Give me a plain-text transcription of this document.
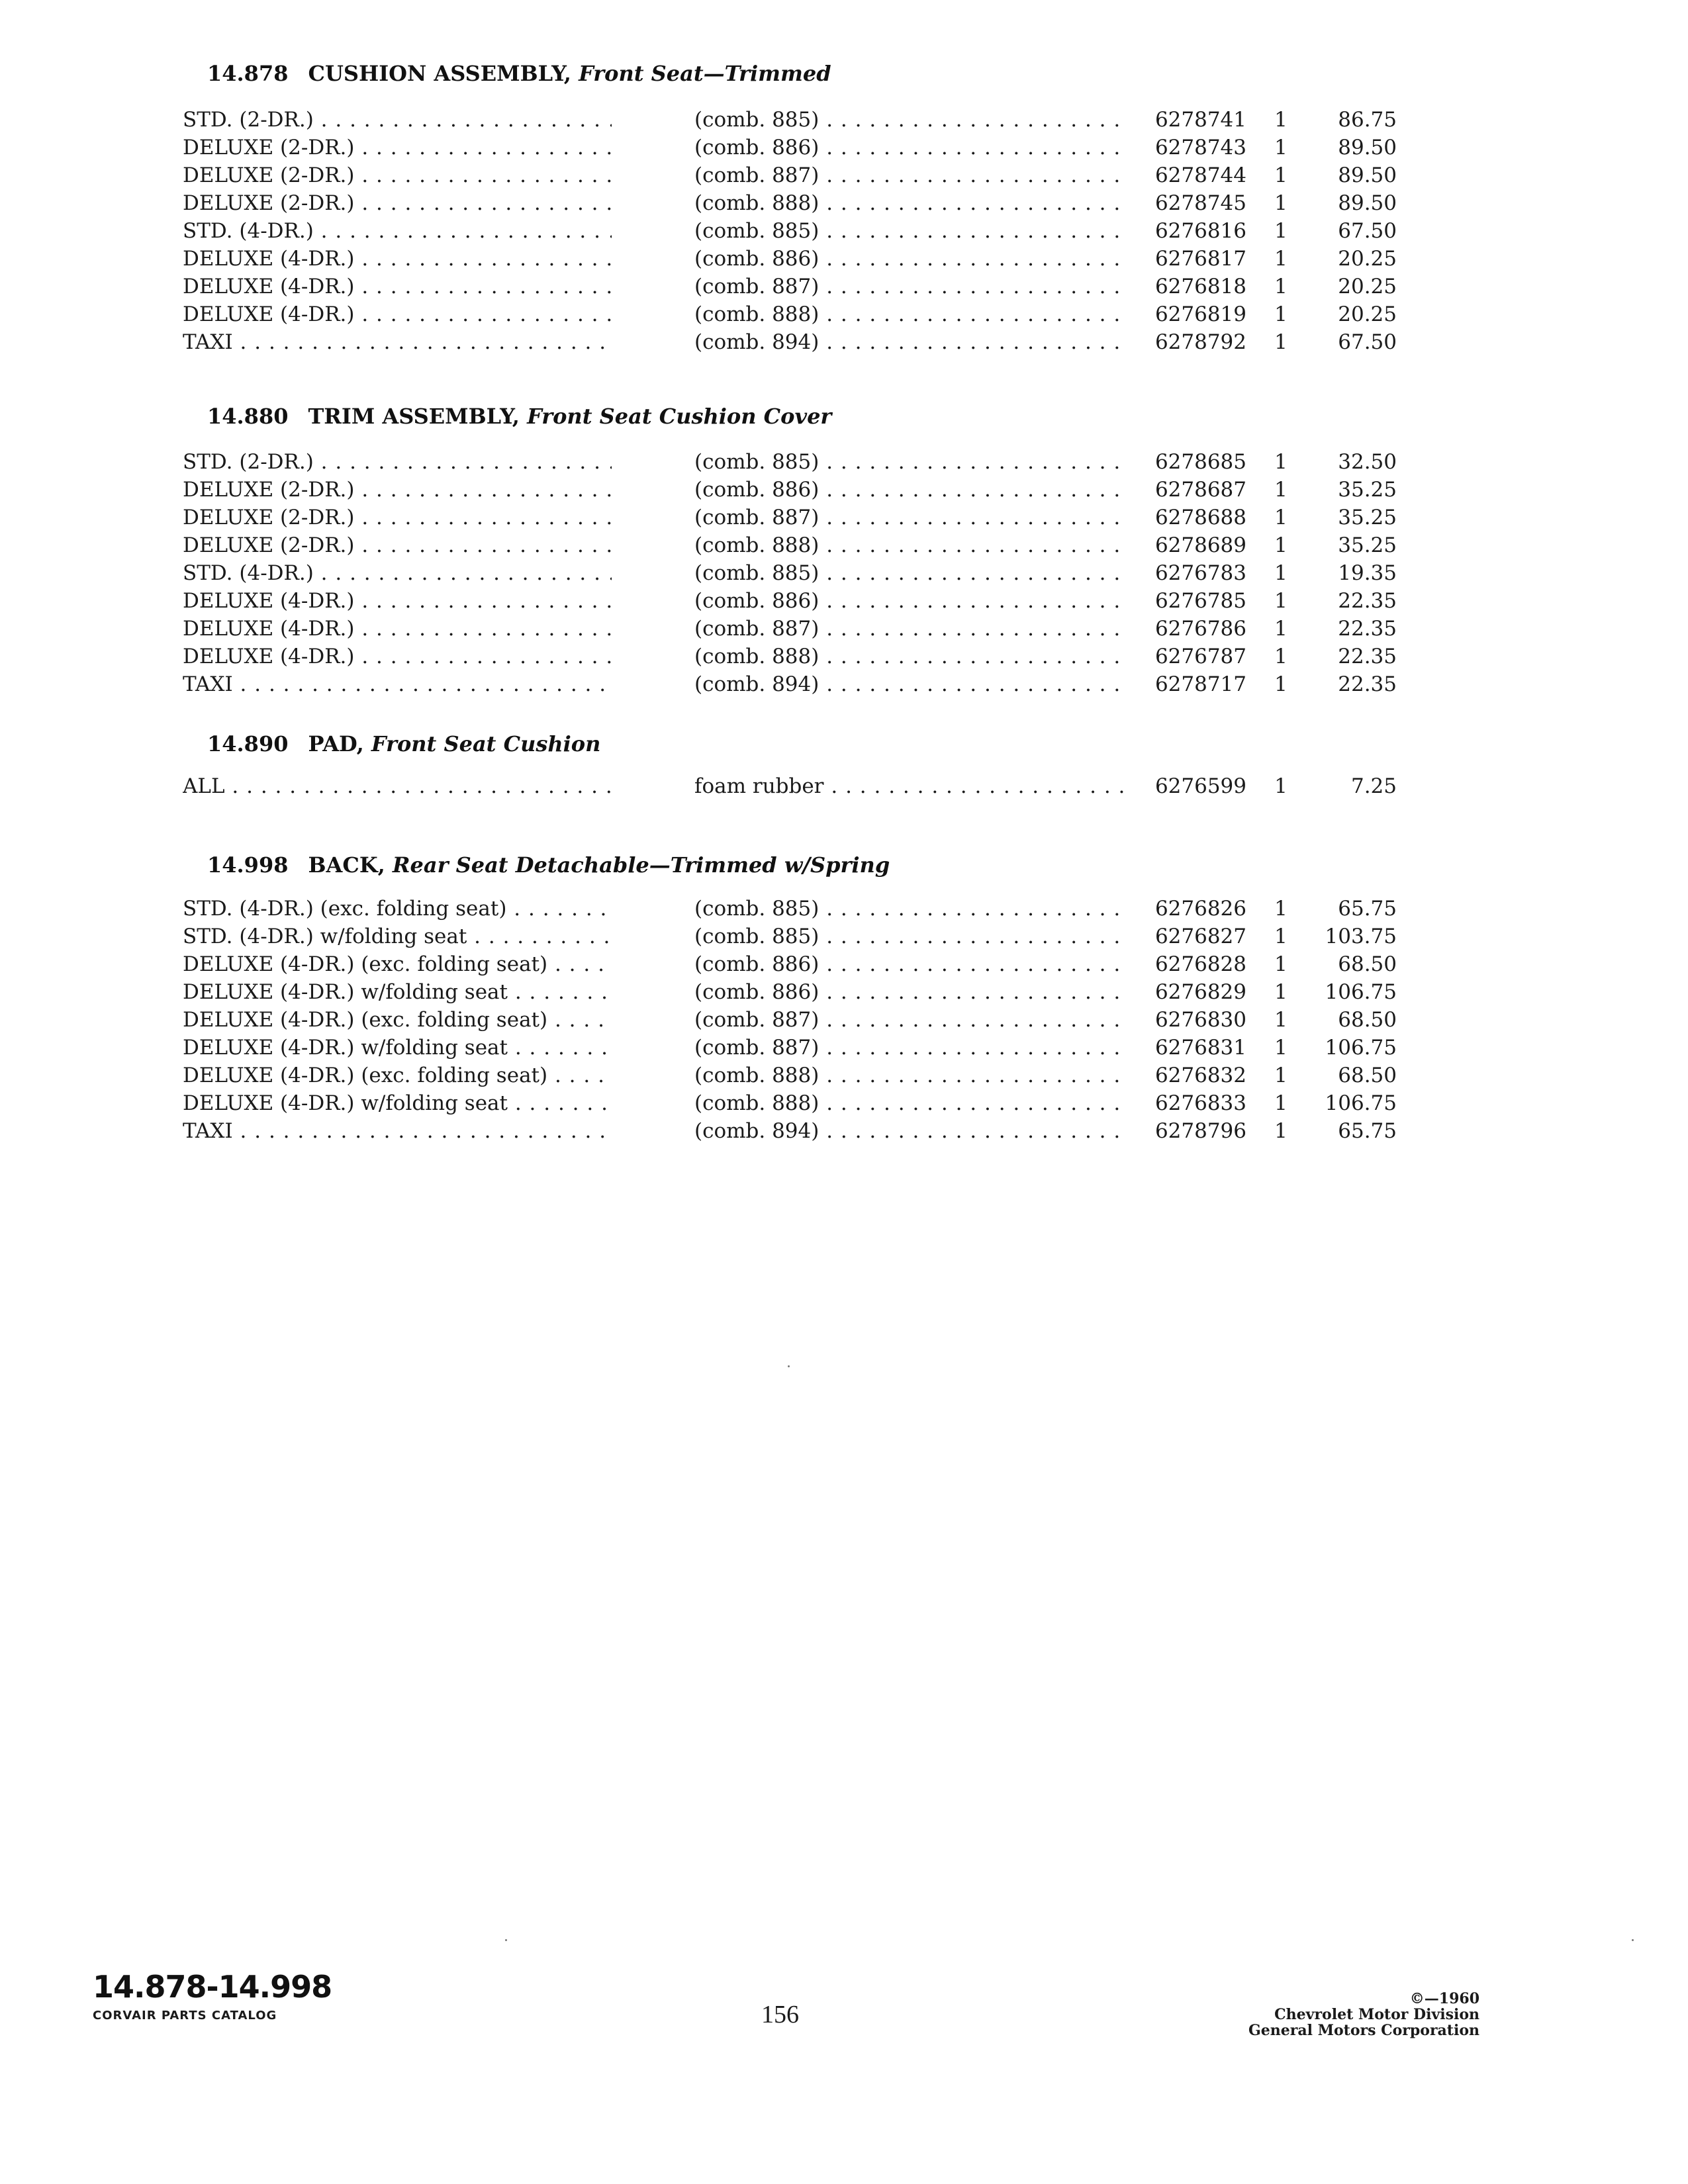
14.878 CUSHION ASSEMBLY, Front Seat—Trimmed
STD. (2-DR.) . . .	(comb. 885) . . .	6278741	1	86.75
DELUXE (2-DR.) . . .	(comb. 886) . . .	6278743	1	89.50
DELUXE (2-DR.) . . .	(comb. 887) . . .	6278744	1	89.50
DELUXE (2-DR.) . . .	(comb. 888) . . .	6278745	1	89.50
STD. (4-DR.) . . .	(comb. 885) . . .	6276816	1	67.50
DELUXE (4-DR.) . . .	(comb. 886) . . .	6276817	1	20.25
DELUXE (4-DR.) . . .	(comb. 887) . . .	6276818	1	20.25
DELUXE (4-DR.) . . .	(comb. 888) . . .	6276819	1	20.25
TAXI . . .	(comb. 894) . . .	6278792	1	67.50
14.880 TRIM ASSEMBLY, Front Seat Cushion Cover
STD. (2-DR.) . . .	(comb. 885) . . .	6278685	1	32.50
DELUXE (2-DR.) . . .	(comb. 886) . . .	6278687	1	35.25
DELUXE (2-DR.) . . .	(comb. 887) . . .	6278688	1	35.25
DELUXE (2-DR.) . . .	(comb. 888) . . .	6278689	1	35.25
STD. (4-DR.) . . .	(comb. 885) . . .	6276783	1	19.35
DELUXE (4-DR.) . . .	(comb. 886) . . .	6276785	1	22.35
DELUXE (4-DR.) . . .	(comb. 887) . . .	6276786	1	22.35
DELUXE (4-DR.) . . .	(comb. 888) . . .	6276787	1	22.35
TAXI . . .	(comb. 894) . . .	6278717	1	22.35
14.890 PAD, Front Seat Cushion
ALL . . .	foam rubber . . .	6276599	1	7.25
14.998 BACK, Rear Seat Detachable—Trimmed w/Spring
STD. (4-DR.) (exc. folding seat) . . .	(comb. 885) . . .	6276826	1	65.75
STD. (4-DR.) w/folding seat . . .	(comb. 885) . . .	6276827	1	103.75
DELUXE (4-DR.) (exc. folding seat) . . .	(comb. 886) . . .	6276828	1	68.50
DELUXE (4-DR.) w/folding seat . . .	(comb. 886) . . .	6276829	1	106.75
DELUXE (4-DR.) (exc. folding seat) . . .	(comb. 887) . . .	6276830	1	68.50
DELUXE (4-DR.) w/folding seat . . .	(comb. 887) . . .	6276831	1	106.75
DELUXE (4-DR.) (exc. folding seat) . . .	(comb. 888) . . .	6276832	1	68.50
DELUXE (4-DR.) w/folding seat . . .	(comb. 888) . . .	6276833	1	106.75
TAXI . . .	(comb. 894) . . .	6278796	1	65.75
14.878-14.998
CORVAIR PARTS CATALOG	156
©—1960
Chevrolet Motor Division
General Motors Corporation
